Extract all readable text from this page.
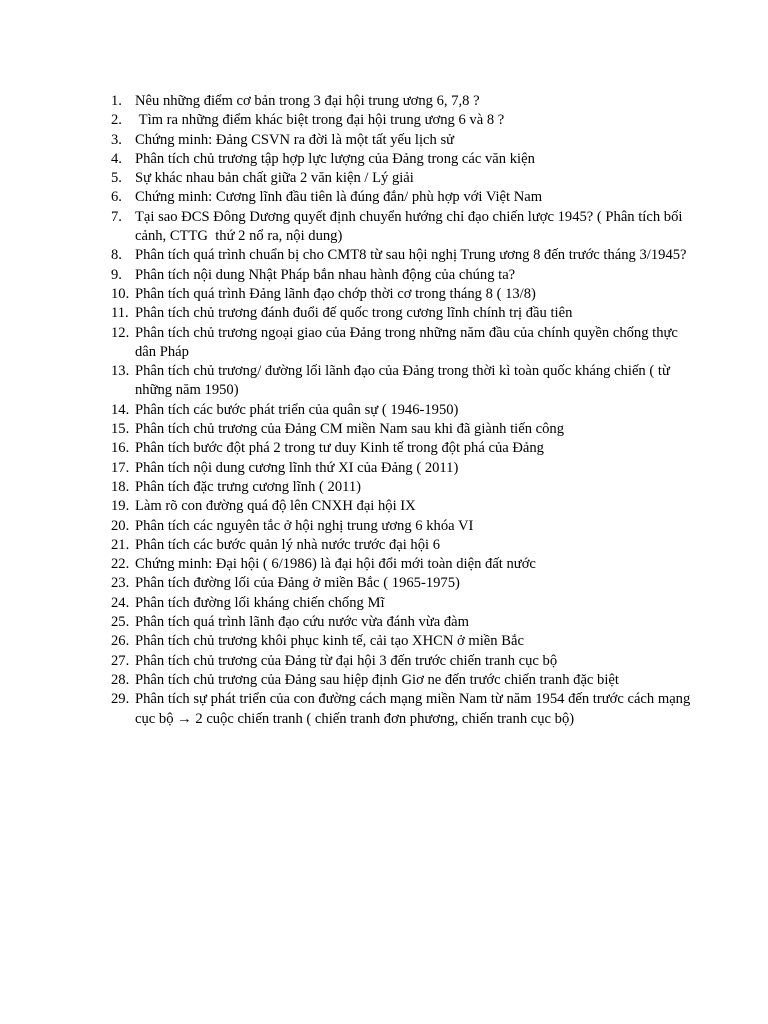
1. Nêu những điểm cơ bản trong 3 đại hội trung ương 6, 7,8 ?
2. Tìm ra những điểm khác biệt trong đại hội trung ương 6 và 8 ?
3. Chứng minh: Đảng CSVN ra đời là một tất yếu lịch sử
4. Phân tích chủ trương tập hợp lực lượng của Đảng trong các văn kiện
5. Sự khác nhau bản chất giữa 2 văn kiện / Lý giải
6. Chứng minh: Cương lĩnh đầu tiên là đúng đắn/ phù hợp với Việt Nam
7. Tại sao ĐCS Đông Dương quyết định chuyển hướng chỉ đạo chiến lược 1945? ( Phân tích bối cảnh, CTTG  thứ 2 nổ ra, nội dung)
8. Phân tích quá trình chuẩn bị cho CMT8 từ sau hội nghị Trung ương 8 đến trước tháng 3/1945?
9. Phân tích nội dung Nhật Pháp bắn nhau hành động của chúng ta?
10. Phân tích quá trình Đảng lãnh đạo chớp thời cơ trong tháng 8 ( 13/8)
11. Phân tích chủ trương đánh đuổi đế quốc trong cương lĩnh chính trị đầu tiên
12. Phân tích chủ trương ngoại giao của Đảng trong những năm đầu của chính quyền chống thực dân Pháp
13. Phân tích chủ trương/ đường lối lãnh đạo của Đảng trong thời kì toàn quốc kháng chiến ( từ những năm 1950)
14. Phân tích các bước phát triển của quân sự ( 1946-1950)
15. Phân tích chủ trương của Đảng CM miền Nam sau khi đã giành tiến công
16. Phân tích bước đột phá 2 trong tư duy Kinh tế trong đột phá của Đảng
17. Phân tích nội dung cương lĩnh thứ XI của Đảng ( 2011)
18. Phân tích đặc trưng cương lĩnh ( 2011)
19. Làm rõ con đường quá độ lên CNXH đại hội IX
20. Phân tích các nguyên tắc ở hội nghị trung ương 6 khóa VI
21. Phân tích các bước quản lý nhà nước trước đại hội 6
22. Chứng minh: Đại hội ( 6/1986) là đại hội đổi mới toàn diện đất nước
23. Phân tích đường lối của Đảng ở miền Bắc ( 1965-1975)
24. Phân tích đường lối kháng chiến chống Mĩ
25. Phân tích quá trình lãnh đạo cứu nước vừa đánh vừa đàm
26. Phân tích chủ trương khôi phục kinh tế, cải tạo XHCN ở miền Bắc
27. Phân tích chủ trương của Đảng từ đại hội 3 đến trước chiến tranh cục bộ
28. Phân tích chủ trương của Đảng sau hiệp định Giơ ne đến trước chiến tranh đặc biệt
29. Phân tích sự phát triển của con đường cách mạng miền Nam từ năm 1954 đến trước cách mạng cục bộ → 2 cuộc chiến tranh ( chiến tranh đơn phương, chiến tranh cục bộ)
